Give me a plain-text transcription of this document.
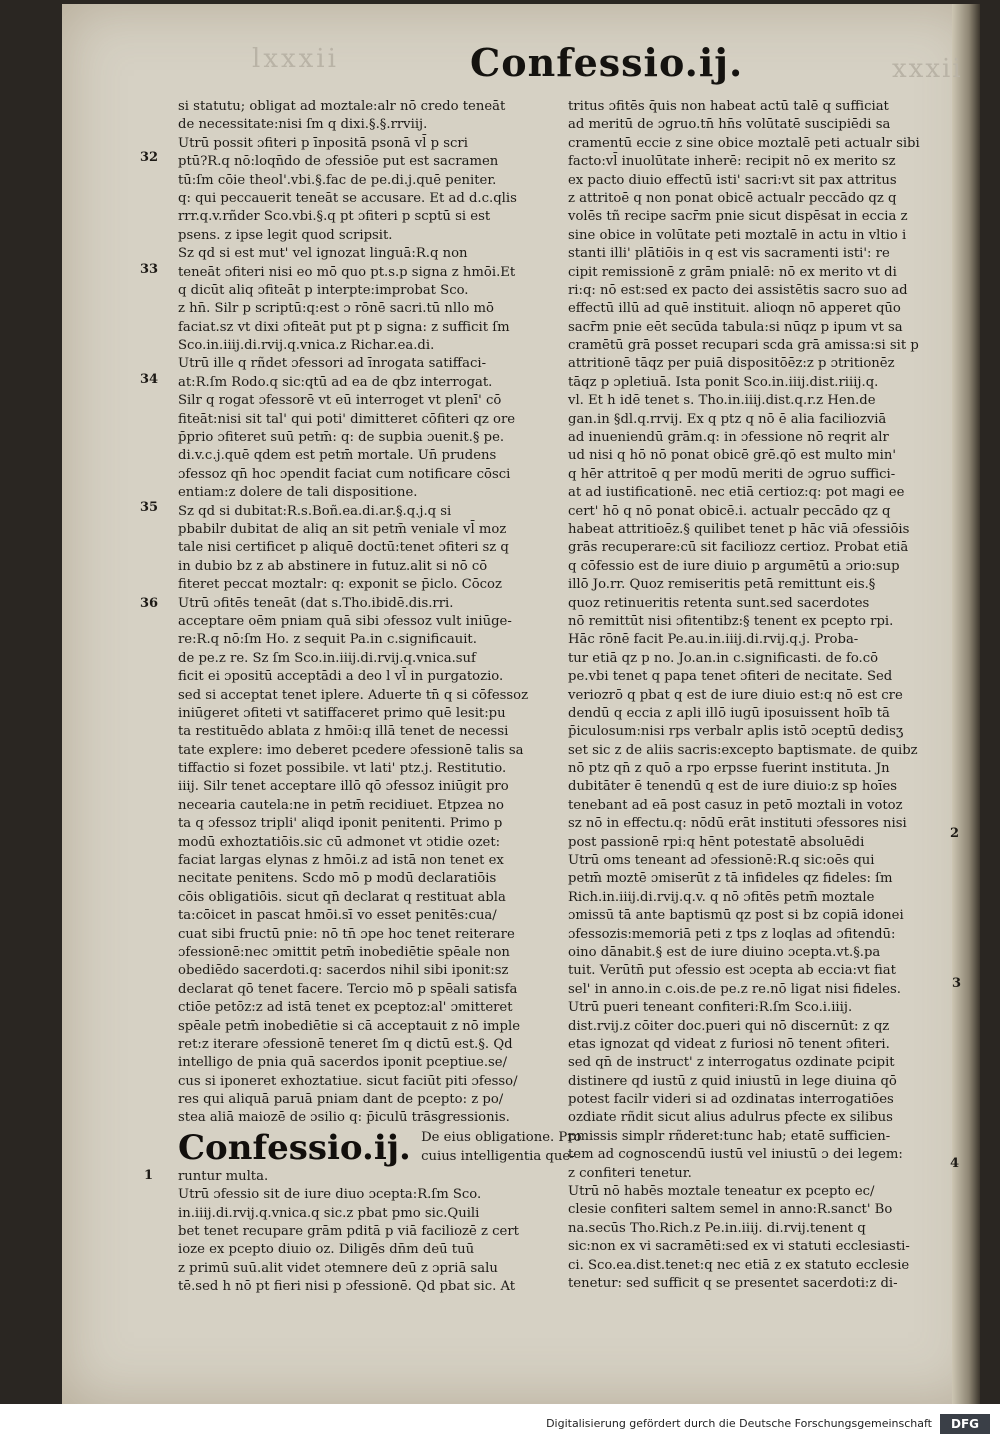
lxxxii	xxxii
Confessio.ij.
si statutu; obligat ad moztale:alr nō credo teneāt
de necessitate:nisi ſm q dixi.§.§.rrviij.
Utrū possit ɔfiteri p īnpositā psonā vl̄ p scri
ptū?R.q nō:loqn̄do de ɔfessiōe put est sacramen
tū:ſm cōie theol'.vbi.§.fac de pe.di.j.quē peniter.
q: qui peccauerit teneāt se accusare. Et ad d.c.qlis
rrr.q.v.rñder Sco.vbi.§.q pt ɔfiteri p scptū si est
psens. z ipse legit quod scripsit.
Sz qd si est mut' vel ignozat linguā:R.q non
teneāt ɔfiteri nisi eo mō quo pt.s.p signa z hmōi.Et
q dicūt aliq ɔfiteāt p interpte:improbat Sco.
z hn̄. Silr p scriptū:q:est ɔ rōnē sacri.tū nllo mō
faciat.sz vt dixi ɔfiteāt put pt p signa: z sufficit ſm
Sco.in.iiij.di.rvij.q.vnica.z Richar.ea.di.
Utrū ille q rñdet ɔfessori ad īnrogata satiffaci-
at:R.ſm Rodo.q sic:qtū ad ea de qbz interrogat.
Silr q rogat ɔfessorē vt eū interroget vt plenī' cō
fiteāt:nisi sit tal' qui poti' dimitteret cōfiteri qz ore
p̄prio ɔfiteret suū petm̄: q: de supbia ɔuenit.§ pe.
di.v.c.j.quē qdem est petm̄ mortale. Un̄ prudens
ɔfessoz qn̄ hoc ɔpendit faciat cum notificare cōsci
entiam:z dolere de tali dispositione.
Sz qd si dubitat:R.s.Boñ.ea.di.ar.§.q.j.q si
pbabilr dubitat de aliq an sit petm̄ veniale vl̄ moz
tale nisi certificet p aliquē doctū:tenet ɔfiteri sz q
in dubio bz z ab abstinere in futuz.alit si nō cō
fiteret peccat moztalr: q: exponit se p̄iclo. Cōcoz
Utrū ɔfitēs teneāt (dat s.Tho.ibidē.dis.rri.
acceptare oēm pniam quā sibi ɔfessoz vult iniūge-
re:R.q nō:ſm Ho. z sequit Pa.in c.significauit.
de pe.z re. Sz ſm Sco.in.iiij.di.rvij.q.vnica.suf
ficit ei ɔpositū acceptādi a deo l vl̄ in purgatozio.
sed si acceptat tenet iplere. Aduerte tn̄ q si cōfessoz
iniūgeret ɔfiteti vt satiffaceret primo quē lesit:pu
ta restituēdo ablata z hmōi:q illā tenet de necessi
tate explere: imo deberet pcedere ɔfessionē talis sa
tiffactio si fozet possibile. vt lati' ptz.j. Restitutio.
iiij. Silr tenet acceptare illō qō ɔfessoz iniūgit pro
necearia cautela:ne in petm̄ recidiuet. Etpzea no
ta q ɔfessoz tripli' aliqd iponit penitenti. Primo p
modū exhoztatiōis.sic cū admonet vt ɔtidie ozet:
faciat largas elynas z hmōi.z ad istā non tenet ex
necitate penitens. Scdo mō p modū declaratiōis
cōis obligatiōis. sicut qn̄ declarat q restituat abla
ta:cōicet in pascat hmōi.sī vo esset penitēs:cua/
cuat sibi fructū pnie: nō tn̄ ɔpe hoc tenet reiterare
ɔfessionē:nec ɔmittit petm̄ inobediētie spēale non
obediēdo sacerdoti.q: sacerdos nihil sibi iponit:sz
declarat qō tenet facere. Tercio mō p spēali satisfa
ctiōe petōz:z ad istā tenet ex pceptoz:al' ɔmitteret
spēale petm̄ inobediētie si cā acceptauit z nō imple
ret:z iterare ɔfessionē teneret ſm q dictū est.§. Qd
intelligo de pnia quā sacerdos iponit pceptiue.se/
cus si iponeret exhoztatiue. sicut faciūt piti ɔfesso/
res qui aliquā paruā pniam dant de pcepto: z po/
stea aliā maiozē de ɔsilio q: p̄iculū trāsgressionis.
Confessio.ij. De eius obligatione. Pro
cuius intelligentia que-
runtur multa.
Utrū ɔfessio sit de iure diuo ɔcepta:R.ſm Sco.
in.iiij.di.rvij.q.vnica.q sic.z pbat pmo sic.Quili
bet tenet recupare grām pditā p viā faciliozē z cert
ioze ex pcepto diuio oz. Diligēs dn̄m deū tuū
z primū suū.alit videt ɔtemnere deū z ɔpriā salu
tē.sed h nō pt fieri nisi p ɔfessionē. Qd pbat sic. At
tritus ɔfitēs q̄uis non habeat actū talē q sufficiat
ad meritū de ɔgruo.tn̄ hn̄s volūtatē suscipiēdi sa
cramentū eccie z sine obice moztalē peti actualr sibi
facto:vl̄ inuolūtate inherē: recipit nō ex merito sz
ex pacto diuio effectū isti' sacri:vt sit pax attritus
z attritoē q non ponat obicē actualr peccādo qz q
volēs tñ recipe sacr̄m pnie sicut dispēsat in eccia z
sine obice in volūtate peti moztalē in actu in vltio i
stanti illi' plātiōis in q est vis sacramenti isti': re
cipit remissionē z grām pnialē: nō ex merito vt di
ri:q: nō est:sed ex pacto dei assistētis sacro suo ad
effectū illū ad quē instituit. alioqn nō apperet qūo
sacr̄m pnie eēt secūda tabula:si nūqz p ipum vt sa
cramētū grā posset recupari scda grā amissa:si sit p
attritionē tāqz per puiā dispositōēz:z p ɔtritionēz
tāqz p ɔpletiuā. Ista ponit Sco.in.iiij.dist.riiij.q.
vl. Et h idē tenet s. Tho.in.iiij.dist.q.r.z Hen.de
gan.in §dl.q.rrvij. Ex q ptz q nō ē alia faciliozviā
ad inueniendū grām.q: in ɔfessione nō reqrit alr
ud nisi q hō nō ponat obicē grē.qō est multo min'
q hēr attritoē q per modū meriti de ɔgruo suffici-
at ad iustificationē. nec etiā certioz:q: pot magi ee
cert' hō q nō ponat obicē.i. actualr peccādo qz q
habeat attritioēz.§ quilibet tenet p hāc viā ɔfessiōis
grās recuperare:cū sit faciliozz certioz. Probat etiā
q cōfessio est de iure diuio p argumētū a ɔrio:sup
illō Jo.rr. Quoz remiseritis petā remittunt eis.§
quoz retinueritis retenta sunt.sed sacerdotes
nō remittūt nisi ɔfitentibz:§ tenent ex pcepto rpi.
Hāc rōnē facit Pe.au.in.iiij.di.rvij.q.j. Proba-
tur etiā qz p no. Jo.an.in c.significasti. de fo.cō
pe.vbi tenet q papa tenet ɔfiteri de necitate. Sed
veriozrō q pbat q est de iure diuio est:q nō est cre
dendū q eccia z apli illō iugū iposuissent hoīb tā
p̄iculosum:nisi rps verbalr aplis istō ɔceptū dedisʒ
set sic z de aliis sacris:excepto baptismate. de quibz
nō ptz qn̄ z quō a rpo erpsse fuerint instituta. Jn
dubitāter ē tenendū q est de iure diuio:z sp hoīes
tenebant ad eā post casuz in petō moztali in votoz
sz nō in effectu.q: nōdū erāt instituti ɔfessores nisi
post passionē rpi:q hēnt potestatē absoluēdi
Utrū oms teneant ad ɔfessionē:R.q sic:oēs qui
petm̄ moztē ɔmiserūt z tā infideles qz fideles: ſm
Rich.in.iiij.di.rvij.q.v. q nō ɔfitēs petm̄ moztale
ɔmissū tā ante baptismū qz post si bz copiā idonei
ɔfessozis:memoriā peti z tps z loqlas ad ɔfitendū:
oino dānabit.§ est de iure diuino ɔcepta.vt.§.pa
tuit. Verūtn̄ put ɔfessio est ɔcepta ab eccia:vt fiat
sel' in anno.in c.ois.de pe.z re.nō ligat nisi fideles.
Utrū pueri teneant confiteri:R.ſm Sco.i.iiij.
dist.rvij.z cōiter doc.pueri qui nō discernūt: z qz
etas ignozat qd videat z furiosi nō tenent ɔfiteri.
sed qn̄ de instruct' z interrogatus ozdinate pcipit
distinere qd iustū z quid iniustū in lege diuina qō
potest facilr videri si ad ozdinatas interrogatiōes
ozdiate rñdit sicut alius adulrus pfecte ex silibus
pmissis simplr rñderet:tunc hab; etatē sufficien-
tem ad cognoscendū iustū vel iniustū ɔ dei legem:
z confiteri tenetur.
Utrū nō habēs moztale teneatur ex pcepto ec/
clesie confiteri saltem semel in anno:R.sanct' Bo
na.secūs Tho.Rich.z Pe.in.iiij. di.rvij.tenent q
sic:non ex vi sacramēti:sed ex vi statuti ecclesiasti-
ci. Sco.ea.dist.tenet:q nec etiā z ex statuto ecclesie
tenetur: sed sufficit q se presentet sacerdoti:z di-
32
33
34
35
36
1
2
3
4
Digitalisierung gefördert durch die Deutsche Forschungsgemeinschaft	DFG
